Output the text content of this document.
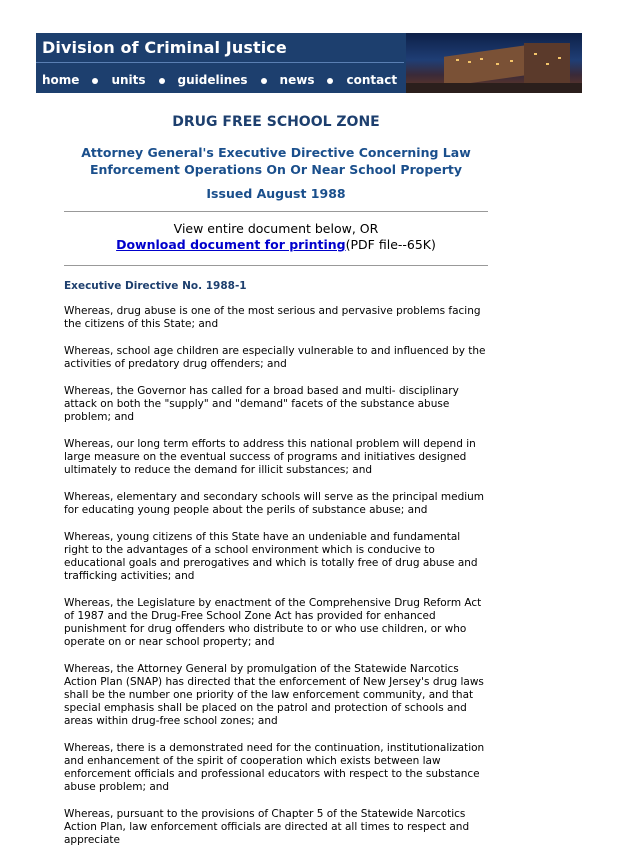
Division of Criminal Justice
home	units	guidelines	news	contact
DRUG FREE SCHOOL ZONE
Attorney General's Executive Directive Concerning Law Enforcement Operations On Or Near School Property
Issued August 1988
View entire document below, OR
Download document for printing(PDF file--65K)
Executive Directive No. 1988-1

Whereas, drug abuse is one of the most serious and pervasive problems facing the citizens of this State; and

Whereas, school age children are especially vulnerable to and influenced by the activities of predatory drug offenders; and

Whereas, the Governor has called for a broad based and multi- disciplinary attack on both the "supply" and "demand" facets of the substance abuse problem; and

Whereas, our long term efforts to address this national problem will depend in large measure on the eventual success of programs and initiatives designed ultimately to reduce the demand for illicit substances; and

Whereas, elementary and secondary schools will serve as the principal medium for educating young people about the perils of substance abuse; and

Whereas, young citizens of this State have an undeniable and fundamental right to the advantages of a school environment which is conducive to educational goals and prerogatives and which is totally free of drug abuse and trafficking activities; and

Whereas, the Legislature by enactment of the Comprehensive Drug Reform Act of 1987 and the Drug-Free School Zone Act has provided for enhanced punishment for drug offenders who distribute to or who use children, or who operate on or near school property; and

Whereas, the Attorney General by promulgation of the Statewide Narcotics Action Plan (SNAP) has directed that the enforcement of New Jersey's drug laws shall be the number one priority of the law enforcement community, and that special emphasis shall be placed on the patrol and protection of schools and areas within drug-free school zones; and

Whereas, there is a demonstrated need for the continuation, institutionalization and enhancement of the spirit of cooperation which exists between law enforcement officials and professional educators with respect to the substance abuse problem; and

Whereas, pursuant to the provisions of Chapter 5 of the Statewide Narcotics Action Plan, law enforcement officials are directed at all times to respect and appreciate
